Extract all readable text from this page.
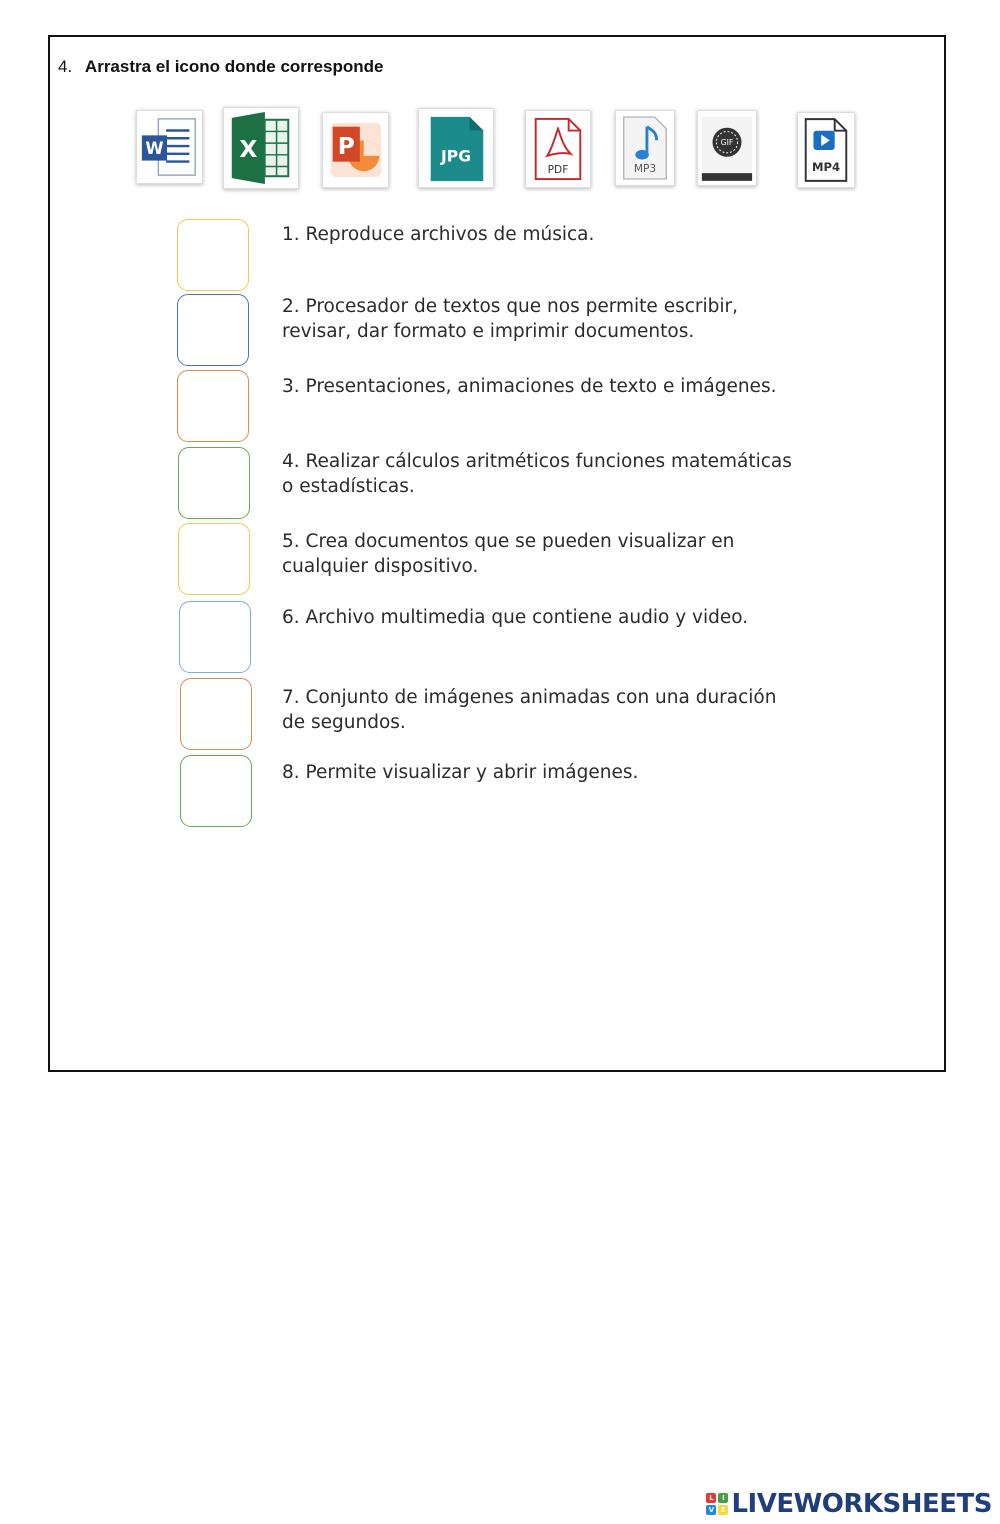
4. Arrastra el icono donde corresponde
W	X	P	JPG
PDF	MP3
GIF
MP4
1. Reproduce archivos de música.
2. Procesador de textos que nos permite escribir, revisar, dar formato e imprimir documentos.
3. Presentaciones, animaciones de texto e imágenes.
4. Realizar cálculos aritméticos funciones matemáticas o estadísticas.
5. Crea documentos que se pueden visualizar en cualquier dispositivo.
6. Archivo multimedia que contiene audio y video.
7. Conjunto de imágenes animadas con una duración de segundos.
8. Permite visualizar y abrir imágenes.
L	I
V E LIVEWORKSHEETS
